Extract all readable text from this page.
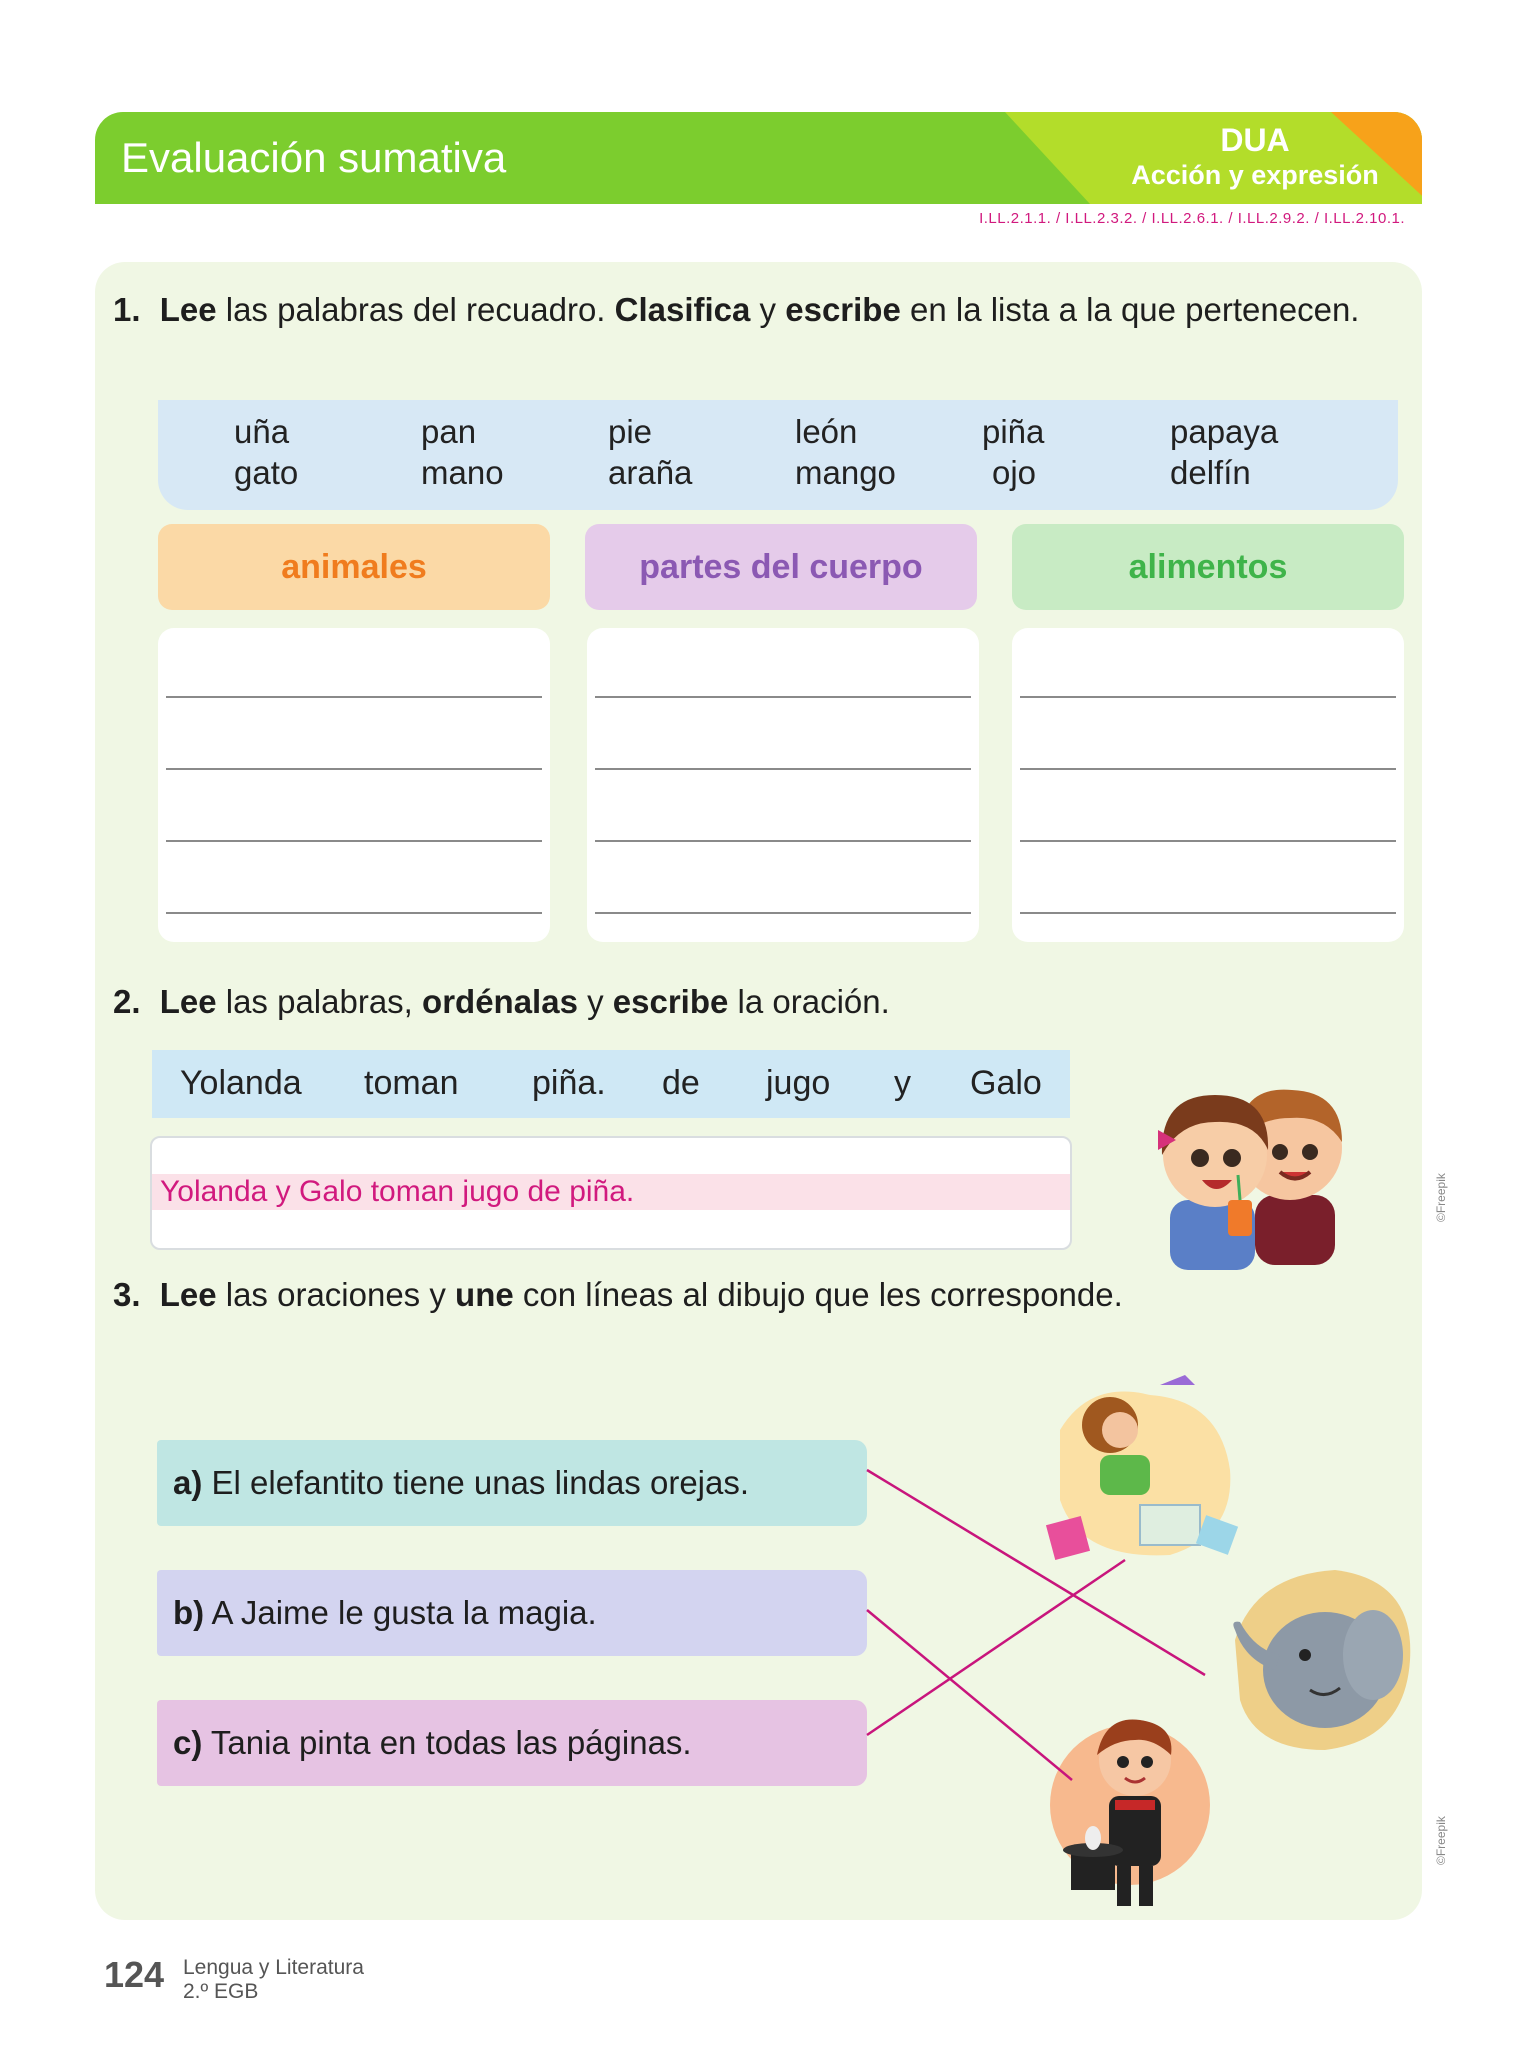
Evaluación sumativa	DUA
Acción y expresión
I.LL.2.1.1. / I.LL.2.3.2. / I.LL.2.6.1. / I.LL.2.9.2. / I.LL.2.10.1.
1. Lee las palabras del recuadro. Clasifica y escribe en la lista a la que pertenecen.
uña	pan	pie	león	piña	papaya
gato	mano	araña	mango	ojo	delfín
animales	partes del cuerpo	alimentos
2. Lee las palabras, ordénalas y escribe la oración.
Yolanda toman piña. de jugo y Galo
Yolanda y Galo toman jugo de piña.
3. Lee las oraciones y une con líneas al dibujo que les corresponde.
a) El elefantito tiene unas lindas orejas.
b) A Jaime le gusta la magia.
c) Tania pinta en todas las páginas.
©Freepik
©Freepik
124 Lengua y Literatura
2.º EGB
